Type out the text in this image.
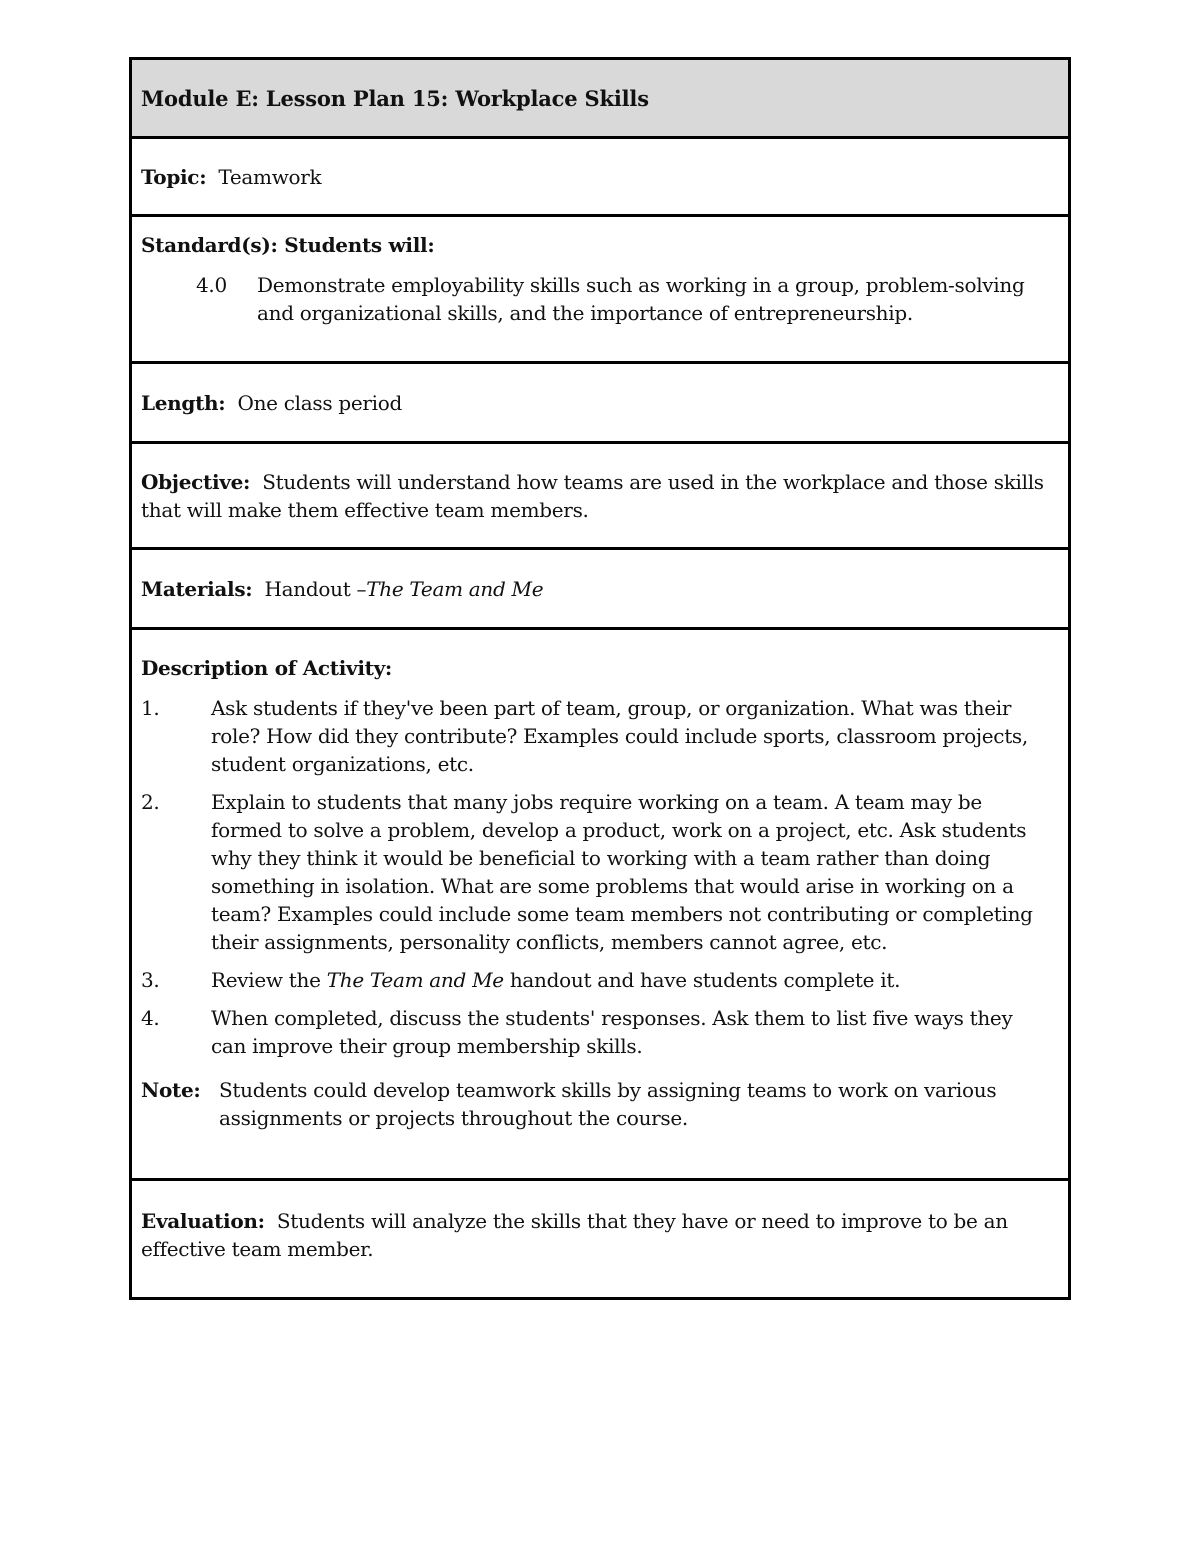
Module E: Lesson Plan 15: Workplace Skills
Topic: Teamwork
Standard(s): Students will:
4.0	Demonstrate employability skills such as working in a group, problem-solving and organizational skills, and the importance of entrepreneurship.
Length: One class period
Objective: Students will understand how teams are used in the workplace and those skills that will make them effective team members.
Materials: Handout –The Team and Me
Description of Activity:
1.	Ask students if they've been part of team, group, or organization. What was their role? How did they contribute? Examples could include sports, classroom projects, student organizations, etc.
2.	Explain to students that many jobs require working on a team. A team may be formed to solve a problem, develop a product, work on a project, etc. Ask students why they think it would be beneficial to working with a team rather than doing something in isolation. What are some problems that would arise in working on a team? Examples could include some team members not contributing or completing their assignments, personality conflicts, members cannot agree, etc.
3.	Review the The Team and Me handout and have students complete it.
4.	When completed, discuss the students' responses. Ask them to list five ways they can improve their group membership skills.
Note: Students could develop teamwork skills by assigning teams to work on various assignments or projects throughout the course.
Evaluation: Students will analyze the skills that they have or need to improve to be an effective team member.
